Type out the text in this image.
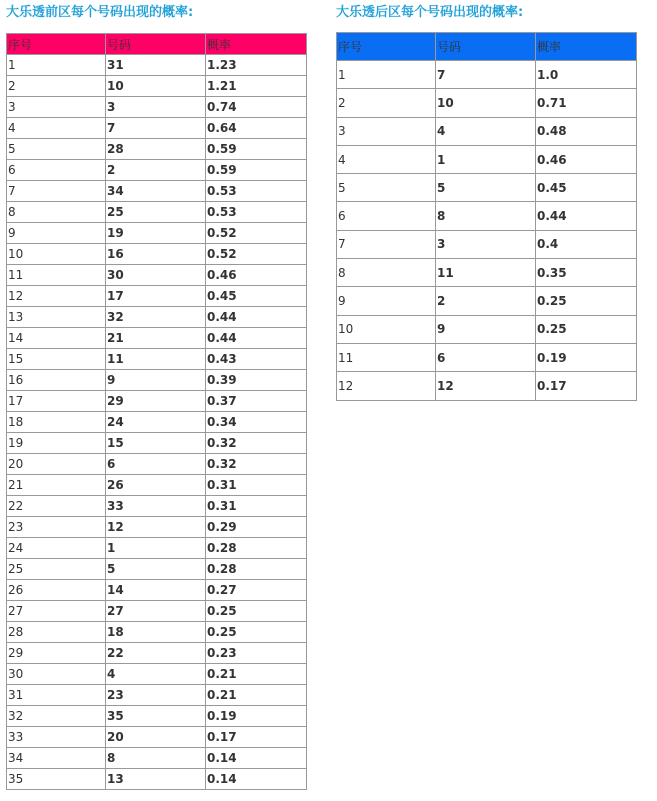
大乐透前区每个号码出现的概率:
序号	号码	概率
1	31	1.23
2	10	1.21
3	3	0.74
4	7	0.64
5	28	0.59
6	2	0.59
7	34	0.53
8	25	0.53
9	19	0.52
10	16	0.52
11	30	0.46
12	17	0.45
13	32	0.44
14	21	0.44
15	11	0.43
16	9	0.39
17	29	0.37
18	24	0.34
19	15	0.32
20	6	0.32
21	26	0.31
22	33	0.31
23	12	0.29
24	1	0.28
25	5	0.28
26	14	0.27
27	27	0.25
28	18	0.25
29	22	0.23
30	4	0.21
31	23	0.21
32	35	0.19
33	20	0.17
34	8	0.14
35	13	0.14
大乐透后区每个号码出现的概率:
序号	号码	概率
1	7	1.0
2	10	0.71
3	4	0.48
4	1	0.46
5	5	0.45
6	8	0.44
7	3	0.4
8	11	0.35
9	2	0.25
10	9	0.25
11	6	0.19
12	12	0.17
